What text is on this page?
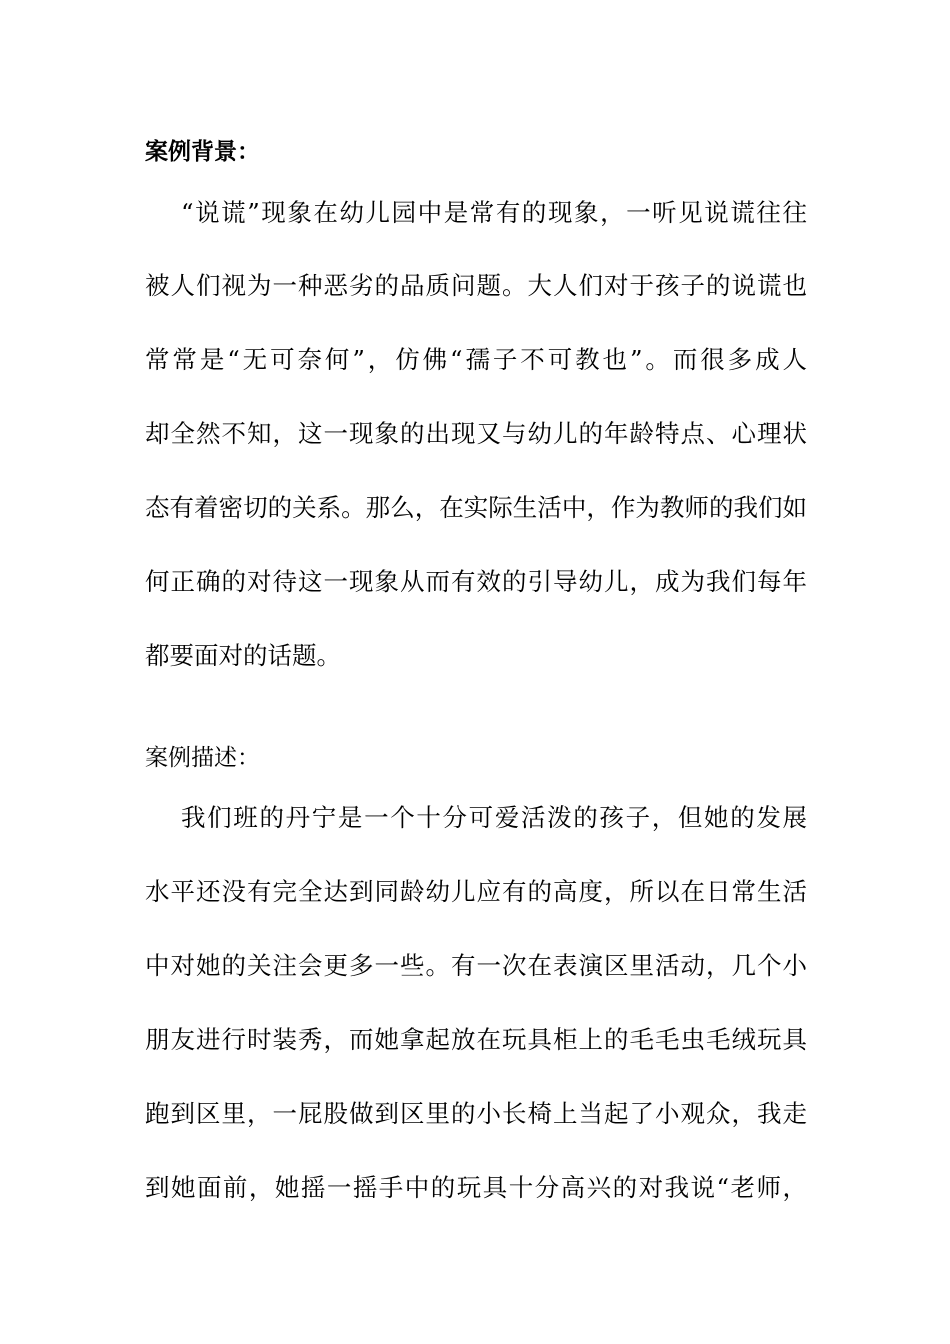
案例背景：
“说谎”现象在幼儿园中是常有的现象，一听见说谎往往
被人们视为一种恶劣的品质问题。大人们对于孩子的说谎也
常常是“无可奈何”，仿佛“孺子不可教也”。而很多成人
却全然不知，这一现象的出现又与幼儿的年龄特点、心理状
态有着密切的关系。那么，在实际生活中，作为教师的我们如
何正确的对待这一现象从而有效的引导幼儿，成为我们每年
都要面对的话题。
案例描述：
我们班的丹宁是一个十分可爱活泼的孩子，但她的发展
水平还没有完全达到同龄幼儿应有的高度，所以在日常生活
中对她的关注会更多一些。有一次在表演区里活动，几个小
朋友进行时装秀，而她拿起放在玩具柜上的毛毛虫毛绒玩具
跑到区里，一屁股做到区里的小长椅上当起了小观众，我走
到她面前，她摇一摇手中的玩具十分高兴的对我说“老师，
